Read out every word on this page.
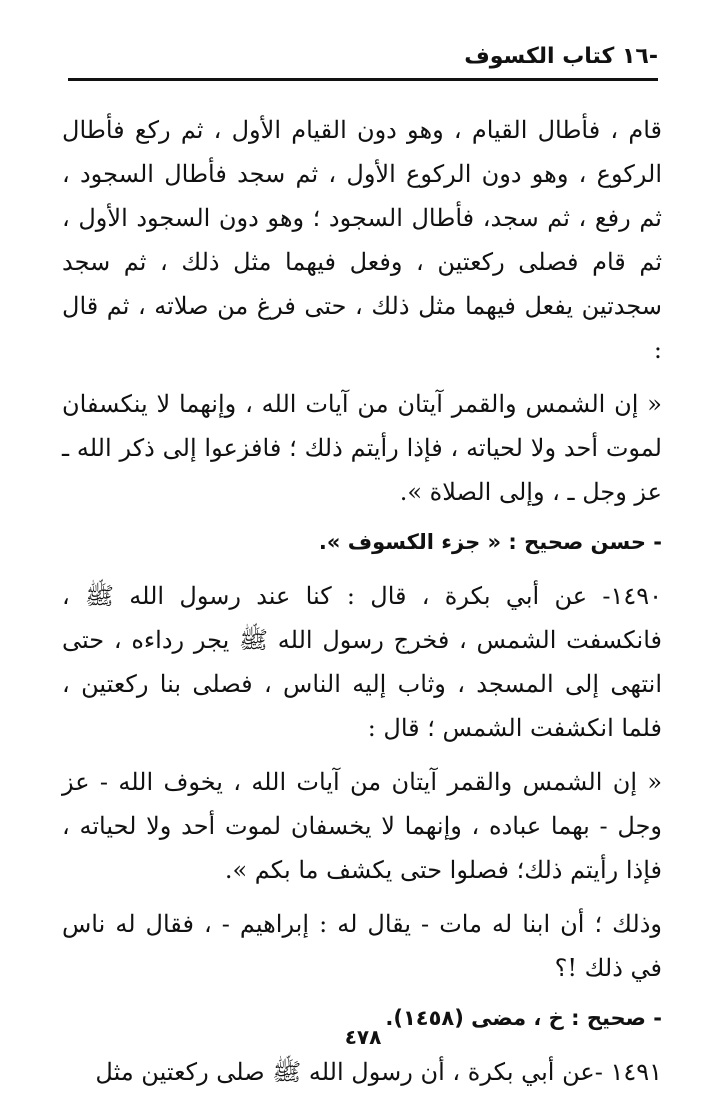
-١٦ كتاب الكسوف

قام ، فأطال القيام ، وهو دون القيام الأول ، ثم ركع فأطال الركوع ، وهو دون الركوع الأول ، ثم سجد فأطال السجود ، ثم رفع ، ثم سجد، فأطال السجود ؛ وهو دون السجود الأول ، ثم قام فصلى ركعتين ، وفعل فيهما مثل ذلك ، ثم سجد سجدتين يفعل فيهما مثل ذلك ، حتى فرغ من صلاته ، ثم قال :

« إن الشمس والقمر آيتان من آيات الله ، وإنهما لا ينكسفان لموت أحد ولا لحياته ، فإذا رأيتم ذلك ؛ فافزعوا إلى ذكر الله ـ عز وجل ـ ، وإلى الصلاة ».

- حسن صحيح : « جزء الكسوف ».

١٤٩٠- عن أبي بكرة ، قال : كنا عند رسول الله ﷺ ، فانكسفت الشمس ، فخرج رسول الله ﷺ يجر رداءه ، حتى انتهى إلى المسجد ، وثاب إليه الناس ، فصلى بنا ركعتين ، فلما انكشفت الشمس ؛ قال :

« إن الشمس والقمر آيتان من آيات الله ، يخوف الله - عز وجل - بهما عباده ، وإنهما لا يخسفان لموت أحد ولا لحياته ، فإذا رأيتم ذلك؛ فصلوا حتى يكشف ما بكم ».

وذلك ؛ أن ابنا له مات - يقال له : إبراهيم - ، فقال له ناس في ذلك !؟

- صحيح : خ ، مضى (١٤٥٨).

١٤٩١ -عن أبي بكرة ، أن رسول الله ﷺ صلى ركعتين مثل

٤٧٨
